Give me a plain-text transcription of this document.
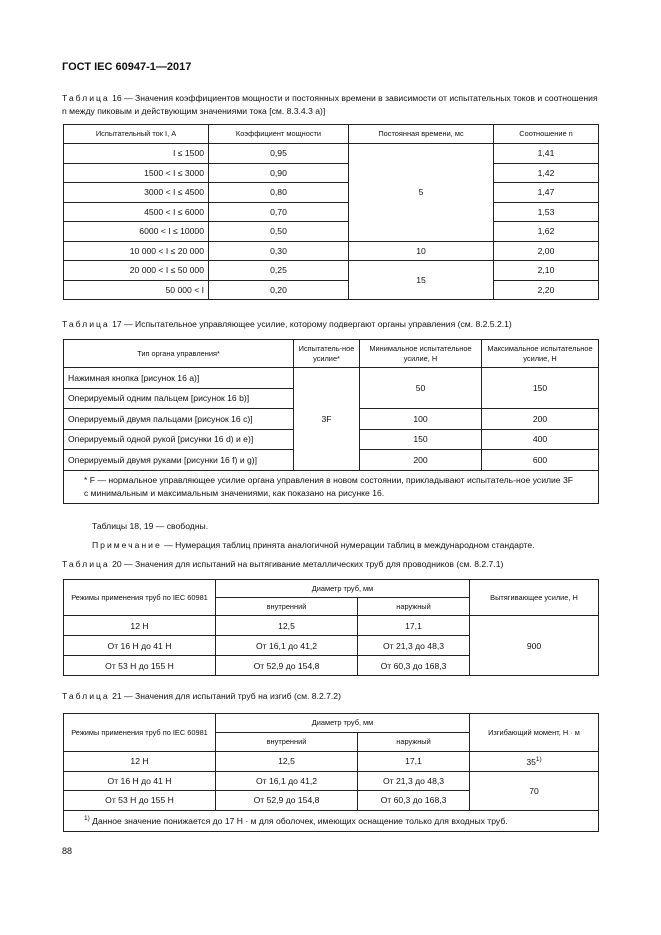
ГОСТ IEC 60947-1—2017
Таблица 16 — Значения коэффициентов мощности и постоянных времени в зависимости от испытательных токов и соотношения n между пиковым и действующим значениями тока [см. 8.3.4.3 a)]
Испытательный ток I, А	Коэффициент мощности	Постоянная времени, мс	Соотношение n
I ≤ 1500	0,95	5	1,41
1500 < I ≤ 3000	0,90		1,42
3000 < I ≤ 4500	0,80		1,47
4500 < I ≤ 6000	0,70		1,53
6000 < I ≤ 10000	0,50		1,62
10 000 < I ≤ 20 000	0,30	10	2,00
20 000 < I ≤ 50 000	0,25	15	2,10
50 000 < I	0,20		2,20
Таблица 17 — Испытательное управляющее усилие, которому подвергают органы управления (см. 8.2.5.2.1)
Тип органа управления*	Испытатель-ное усилие*	Минимальное испытательное усилие, Н	Максимальное испытательное усилие, Н
Нажимная кнопка [рисунок 16 a)]	3F	50	150
Оперируемый одним пальцем [рисунок 16 b)]			
Оперируемый двумя пальцами [рисунок 16 c)]		100	200
Оперируемый одной рукой [рисунки 16 d) и e)]		150	400
Оперируемый двумя руками [рисунки 16 f) и g)]		200	600
* F — нормальное управляющее усилие органа управления в новом состоянии, прикладывают испытатель-ное усилие 3F с минимальным и максимальным значениями, как показано на рисунке 16.			
Таблицы 18, 19 — свободны.
Примечание — Нумерация таблиц принята аналогичной нумерации таблиц в международном стандарте.
Таблица 20 — Значения для испытаний на вытягивание металлических труб для проводников (см. 8.2.7.1)
Режимы применения труб по IEC 60981	Диаметр труб, мм		Вытягивающее усилие, Н
	внутренний	наружный	
12 Н	12,5	17,1	900
От 16 Н до 41 Н	От 16,1 до 41,2	От 21,3 до 48,3	
От 53 Н до 155 Н	От 52,9 до 154,8	От 60,3 до 168,3	
Таблица 21 — Значения для испытаний труб на изгиб (см. 8.2.7.2)
Режимы применения труб по IEC 60981	Диаметр труб, мм		Изгибающий момент, Н · м
	внутренний	наружный	
12 Н	12,5	17,1	35$^{1)}$
От 16 Н до 41 Н	От 16,1 до 41,2	От 21,3 до 48,3	70
От 53 Н до 155 Н	От 52,9 до 154,8	От 60,3 до 168,3	
$^{1)}$ Данное значение понижается до 17 Н · м для оболочек, имеющих оснащение только для входных труб.			
88
